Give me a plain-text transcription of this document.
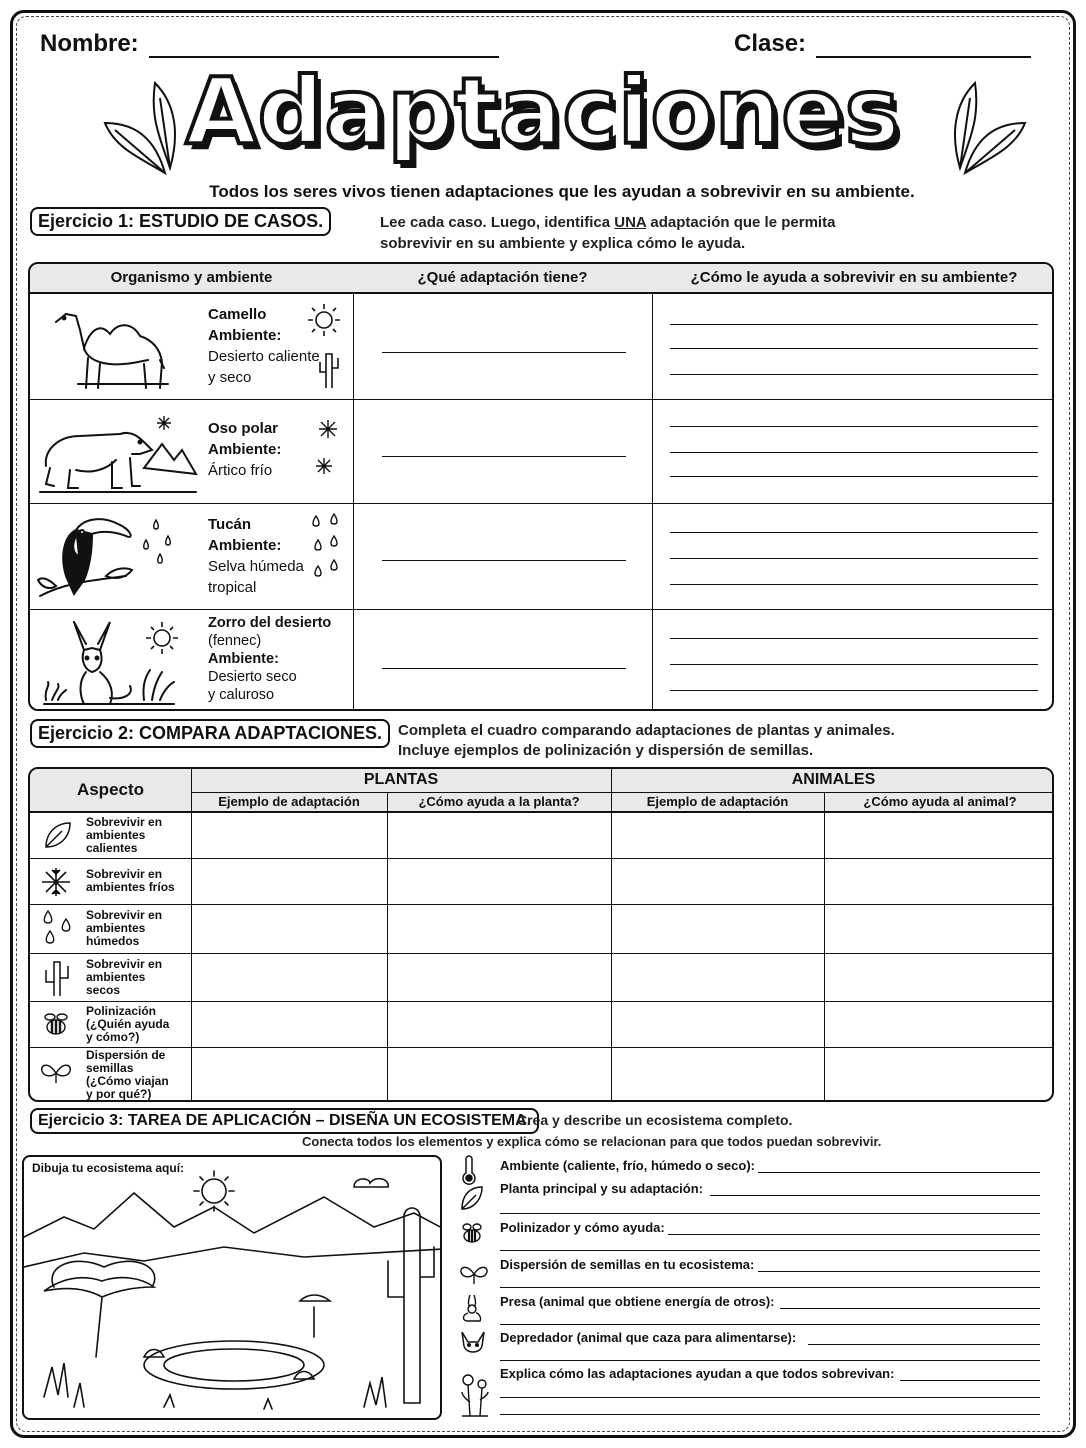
Nombre:	Clase:
Adaptaciones
Todos los seres vivos tienen adaptaciones que les ayudan a sobrevivir en su ambiente.
Ejercicio 1: ESTUDIO DE CASOS.	Lee cada caso. Luego, identifica UNA adaptación que le permita
sobrevivir en su ambiente y explica cómo le ayuda.
Organismo y ambiente	¿Qué adaptación tiene?	¿Cómo le ayuda a sobrevivir en su ambiente?
Camello
Ambiente:
Desierto caliente
y seco
Oso polar
Ambiente:
Ártico frío
Tucán
Ambiente:
Selva húmeda
tropical
Zorro del desierto
(fennec)
Ambiente:
Desierto seco
y caluroso
Ejercicio 2: COMPARA ADAPTACIONES.	Completa el cuadro comparando adaptaciones de plantas y animales.
Incluye ejemplos de polinización y dispersión de semillas.
Aspecto
PLANTAS	ANIMALES
Ejemplo de adaptación	¿Cómo ayuda a la planta?	Ejemplo de adaptación	¿Cómo ayuda al animal?
Sobrevivir en
ambientes
calientes
Sobrevivir en
ambientes fríos
Sobrevivir en
ambientes
húmedos
Sobrevivir en
ambientes
secos
Polinización
(¿Quién ayuda
y cómo?)
Dispersión de
semillas
(¿Cómo viajan
y por qué?)
Ejercicio 3: TAREA DE APLICACIÓN – DISEÑA UN ECOSISTEMA.
Crea y describe un ecosistema completo.
Conecta todos los elementos y explica cómo se relacionan para que todos puedan sobrevivir.
Dibuja tu ecosistema aquí:	Ambiente (caliente, frío, húmedo o seco):
Planta principal y su adaptación:
Polinizador y cómo ayuda:
Dispersión de semillas en tu ecosistema:
Presa (animal que obtiene energía de otros):
Depredador (animal que caza para alimentarse):
Explica cómo las adaptaciones ayudan a que todos sobrevivan:
